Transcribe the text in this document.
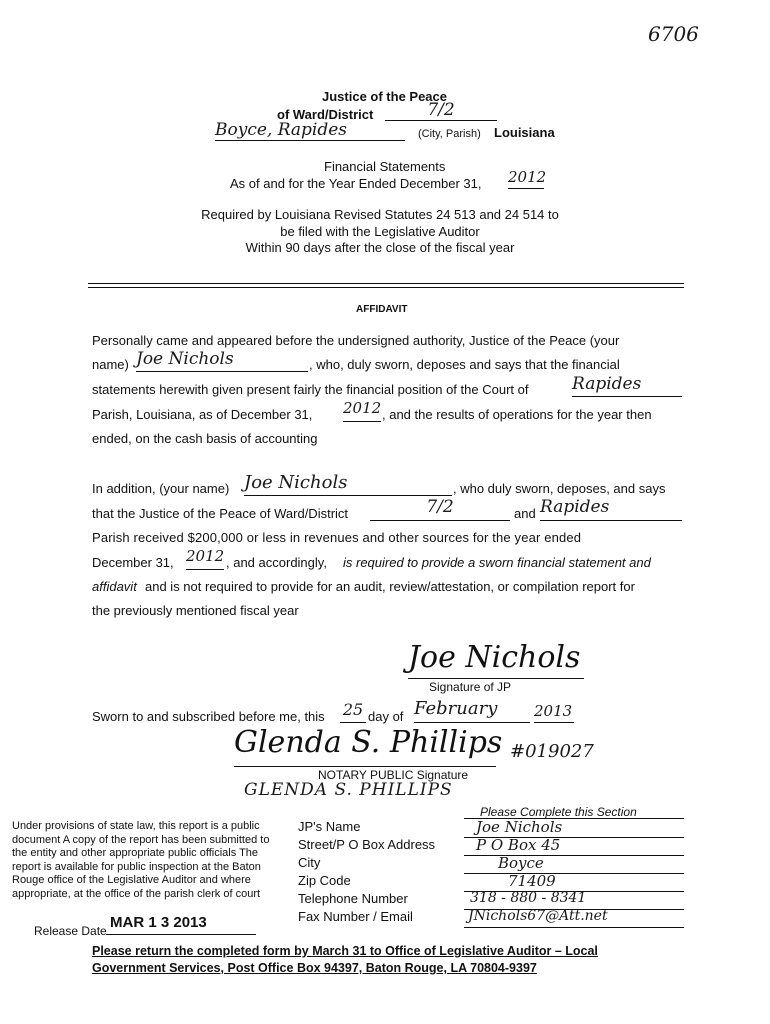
6706
Justice of the Peace
of Ward/District	7/2
Boyce, Rapides	(City, Parish) Louisiana
Financial Statements
As of and for the Year Ended December 31, 2012
Required by Louisiana Revised Statutes 24 513 and 24 514 to
be filed with the Legislative Auditor
Within 90 days after the close of the fiscal year
AFFIDAVIT
Personally came and appeared before the undersigned authority, Justice of the Peace (your
name) Joe Nichols	, who, duly sworn, deposes and says that the financial
statements herewith given present fairly the financial position of the Court of	Rapides
Parish, Louisiana, as of December 31, 2012 , and the results of operations for the year then
ended, on the cash basis of accounting
In addition, (your name) Joe Nichols	, who duly sworn, deposes, and says
that the Justice of the Peace of Ward/District	7/2	and Rapides
Parish received $200,000 or less in revenues and other sources for the year ended
December 31, 2012 , and accordingly, is required to provide a sworn financial statement and
affidavit and is not required to provide for an audit, review/attestation, or compilation report for
the previously mentioned fiscal year
Joe Nichols
Signature of JP
Sworn to and subscribed before me, this 25 day of February	2013
Glenda S. Phillips #019027
NOTARY PUBLIC Signature
GLENDA S. PHILLIPS
Under provisions of state law, this report is a public
document A copy of the report has been submitted to
the entity and other appropriate public officials The
report is available for public inspection at the Baton
Rouge office of the Legislative Auditor and where
appropriate, at the office of the parish clerk of court
Release Date MAR 1 3 2013
Please Complete this Section
JP's Name	Joe Nichols
Street/P O Box Address	P O Box 45
City	Boyce
Zip Code	71409
Telephone Number	318 - 880 - 8341
Fax Number / Email	JNichols67@Att.net
Please return the completed form by March 31 to Office of Legislative Auditor – Local
Government Services, Post Office Box 94397, Baton Rouge, LA 70804-9397
